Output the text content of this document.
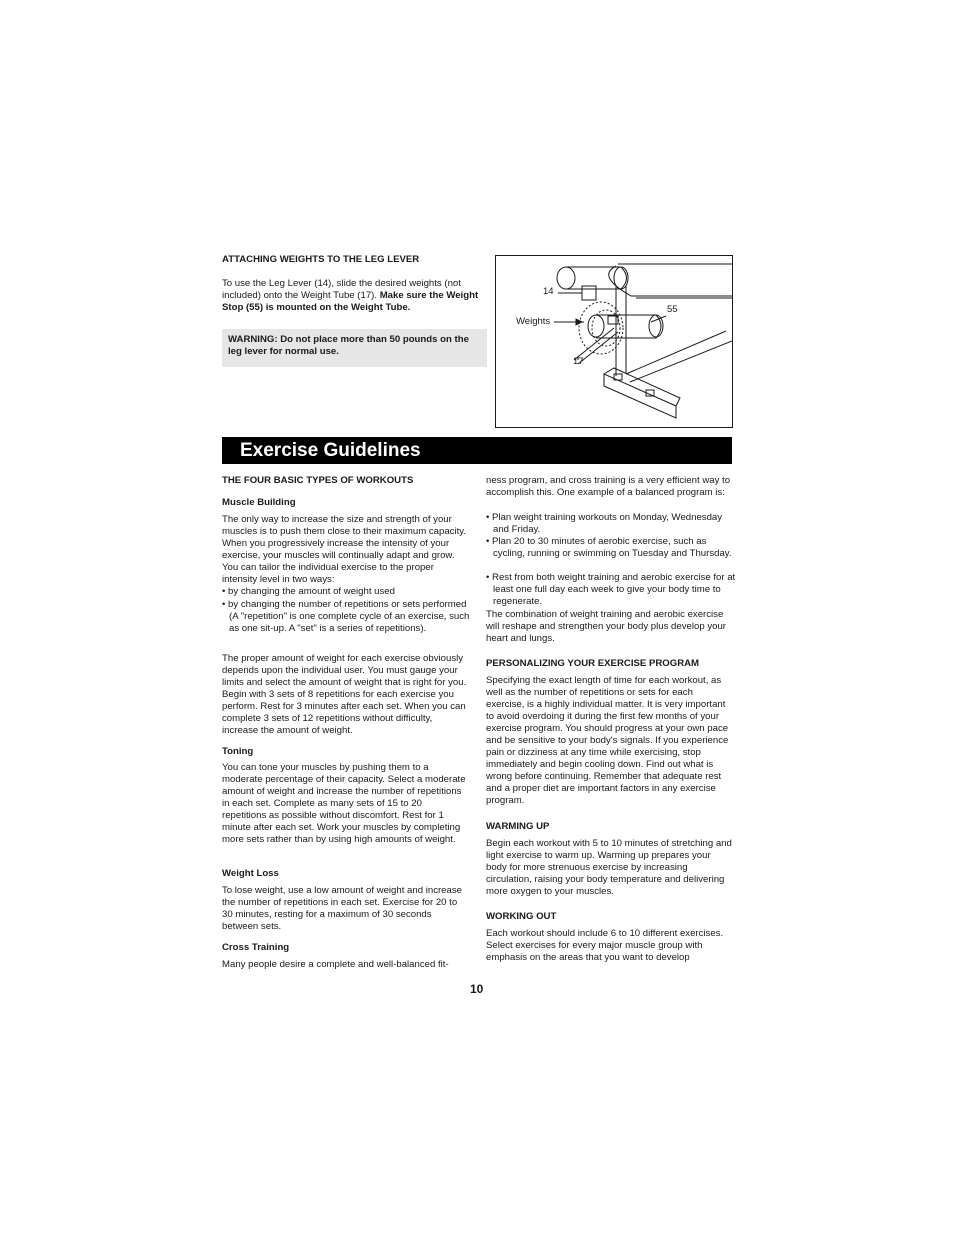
ATTACHING WEIGHTS TO THE LEG LEVER

To use the Leg Lever (14), slide the desired weights (not included) onto the Weight Tube (17). Make sure the Weight Stop (55) is mounted on the Weight Tube.

WARNING: Do not place more than 50 pounds on the leg lever for normal use.
14
Weights
55
17
Exercise Guidelines
THE FOUR BASIC TYPES OF WORKOUTS
Muscle Building

The only way to increase the size and strength of your muscles is to push them close to their maximum capacity. When you progressively increase the intensity of your exercise, your muscles will continually adapt and grow. You can tailor the individual exercise to the proper intensity level in two ways:

• by changing the amount of weight used

• by changing the number of repetitions or sets performed (A "repetition" is one complete cycle of an exercise, such as one sit-up. A "set" is a series of repetitions).

The proper amount of weight for each exercise obviously depends upon the individual user. You must gauge your limits and select the amount of weight that is right for you. Begin with 3 sets of 8 repetitions for each exercise you perform. Rest for 3 minutes after each set. When you can complete 3 sets of 12 repetitions without difficulty, increase the amount of weight.

Toning

You can tone your muscles by pushing them to a moderate percentage of their capacity. Select a moderate amount of weight and increase the number of repetitions in each set. Complete as many sets of 15 to 20 repetitions as possible without discomfort. Rest for 1 minute after each set. Work your muscles by completing more sets rather than by using high amounts of weight.

Weight Loss

To lose weight, use a low amount of weight and increase the number of repetitions in each set. Exercise for 20 to 30 minutes, resting for a maximum of 30 seconds between sets.

Cross Training

Many people desire a complete and well-balanced fit-

ness program, and cross training is a very efficient way to accomplish this. One example of a balanced program is:

• Plan weight training workouts on Monday, Wednesday and Friday.

• Plan 20 to 30 minutes of aerobic exercise, such as cycling, running or swimming on Tuesday and Thursday.

• Rest from both weight training and aerobic exercise for at least one full day each week to give your body time to regenerate.

The combination of weight training and aerobic exercise will reshape and strengthen your body plus develop your heart and lungs.

PERSONALIZING YOUR EXERCISE PROGRAM

Specifying the exact length of time for each workout, as well as the number of repetitions or sets for each exercise, is a highly individual matter. It is very important to avoid overdoing it during the first few months of your exercise program. You should progress at your own pace and be sensitive to your body's signals. If you experience pain or dizziness at any time while exercising, stop immediately and begin cooling down. Find out what is wrong before continuing. Remember that adequate rest and a proper diet are important factors in any exercise program.

WARMING UP

Begin each workout with 5 to 10 minutes of stretching and light exercise to warm up. Warming up prepares your body for more strenuous exercise by increasing circulation, raising your body temperature and delivering more oxygen to your muscles.

WORKING OUT

Each workout should include 6 to 10 different exercises. Select exercises for every major muscle group with emphasis on the areas that you want to develop

10
